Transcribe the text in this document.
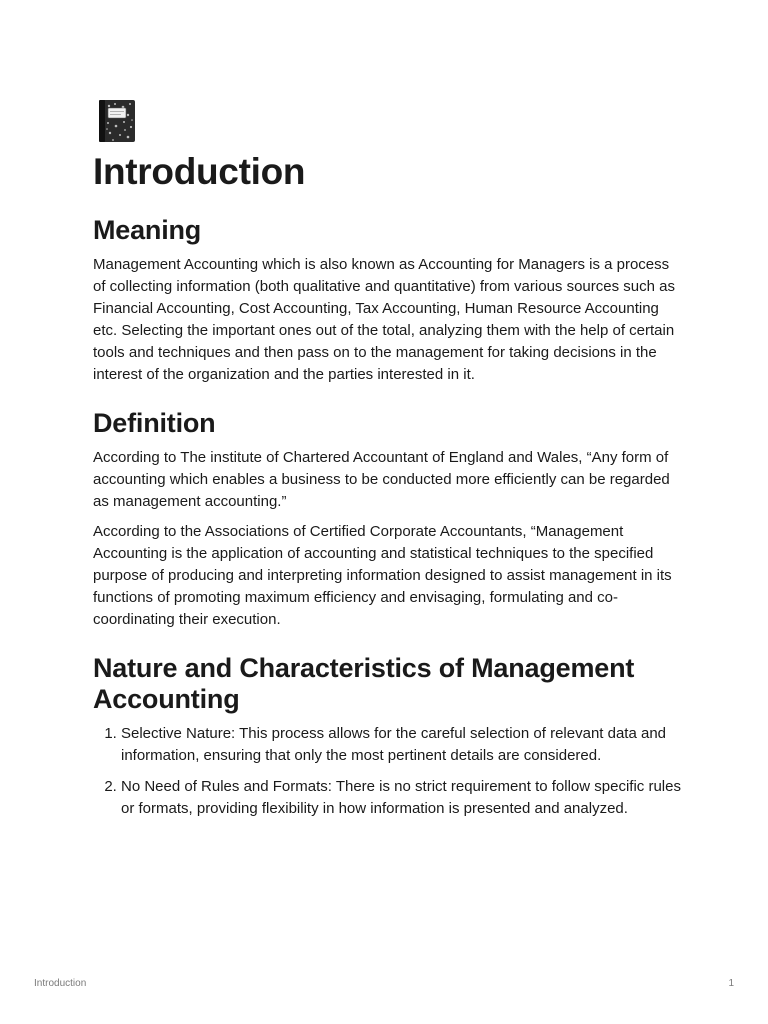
Introduction
Meaning

Management Accounting which is also known as Accounting for Managers is a process of collecting information (both qualitative and quantitative) from various sources such as Financial Accounting, Cost Accounting, Tax Accounting, Human Resource Accounting etc. Selecting the important ones out of the total, analyzing them with the help of certain tools and techniques and then pass on to the management for taking decisions in the interest of the organization and the parties interested in it.

Definition

According to The institute of Chartered Accountant of England and Wales, “Any form of accounting which enables a business to be conducted more efficiently can be regarded as management accounting.”

According to the Associations of Certified Corporate Accountants, “Management Accounting is the application of accounting and statistical techniques to the specified purpose of producing and interpreting information designed to assist management in its functions of promoting maximum efficiency and envisaging, formulating and co-coordinating their execution.

Nature and Characteristics of Management Accounting
1. Selective Nature: This process allows for the careful selection of relevant data and information, ensuring that only the most pertinent details are considered.
2. No Need of Rules and Formats: There is no strict requirement to follow specific rules or formats, providing flexibility in how information is presented and analyzed.
Introduction	1
